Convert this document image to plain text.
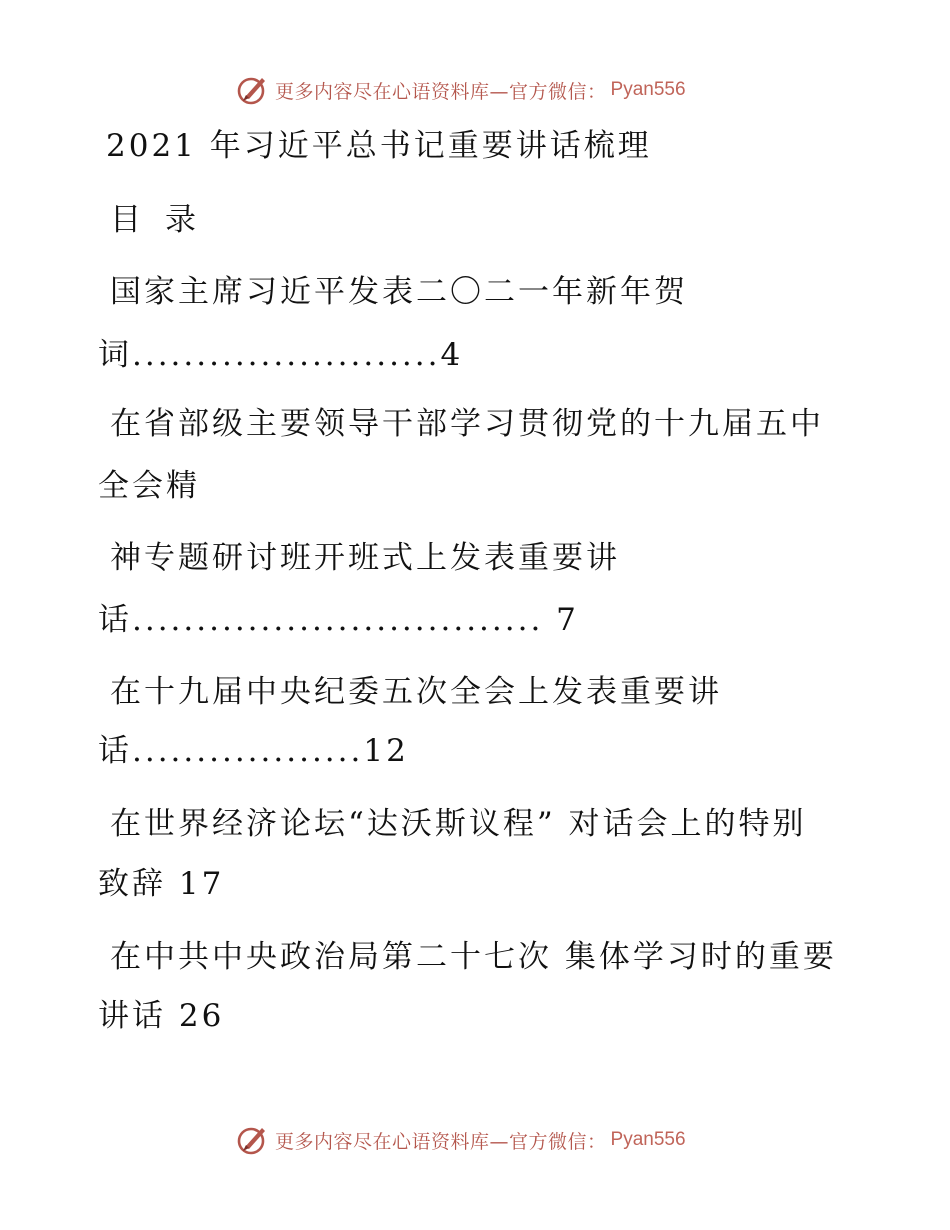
更多内容尽在心语资料库—官方微信： Pyan556
2021 年习近平总书记重要讲话梳理
目录
国家主席习近平发表二〇二一年新年贺
词........................4
在省部级主要领导干部学习贯彻党的十九届五中
全会精
神专题研讨班开班式上发表重要讲
话................................ 7
在十九届中央纪委五次全会上发表重要讲
话..................12
在世界经济论坛“达沃斯议程” 对话会上的特别
致辞 17
在中共中央政治局第二十七次 集体学习时的重要
讲话 26
更多内容尽在心语资料库—官方微信： Pyan556
